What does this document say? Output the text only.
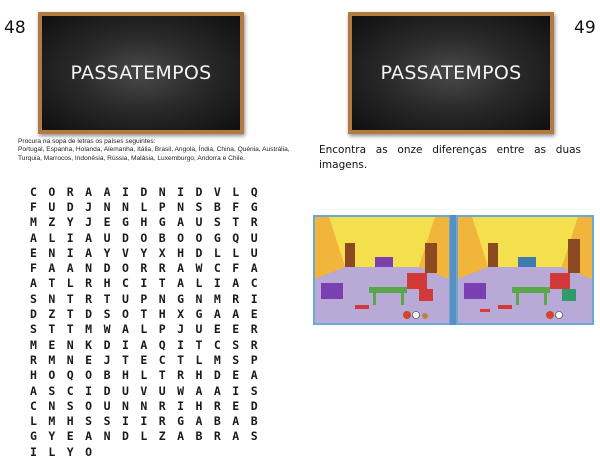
48	49
PASSATEMPOS	PASSATEMPOS
Procura na sopa de letras os países seguintes:
Portugal, Espanha, Holanda, Alemanha, Itália, Brasil, Angola, Índia, China, Quénia, Austrália, Turquia, Marrocos, Indonésia, Rússia, Malásia, Luxemburgo, Andorra e Chile.
C O R A A I D N I D V L Q
F U D J N N L P N S B F G
M Z Y J E G H G A U S T R
A L I A U D O B O O G Q U
E N I A Y V Y X H D L L U
F A A N D O R R A W C F A
A T L R H C I T A L I A C
S N T R T U P N G N M R I
D Z T D S O T H X G A A E
S T T M W A L P J U E E R
M E N K D I A Q I T C S R
R M N E J T E C T L M S P
H O Q O B H L T R H D E A
A S C I D U V U W A A I S
C N S O U N N R I H R E D
L M H S S I I R G A B A B
G Y E A N D L Z A B R A S
I L Y O
Encontra as onze diferenças entre as duas imagens.
